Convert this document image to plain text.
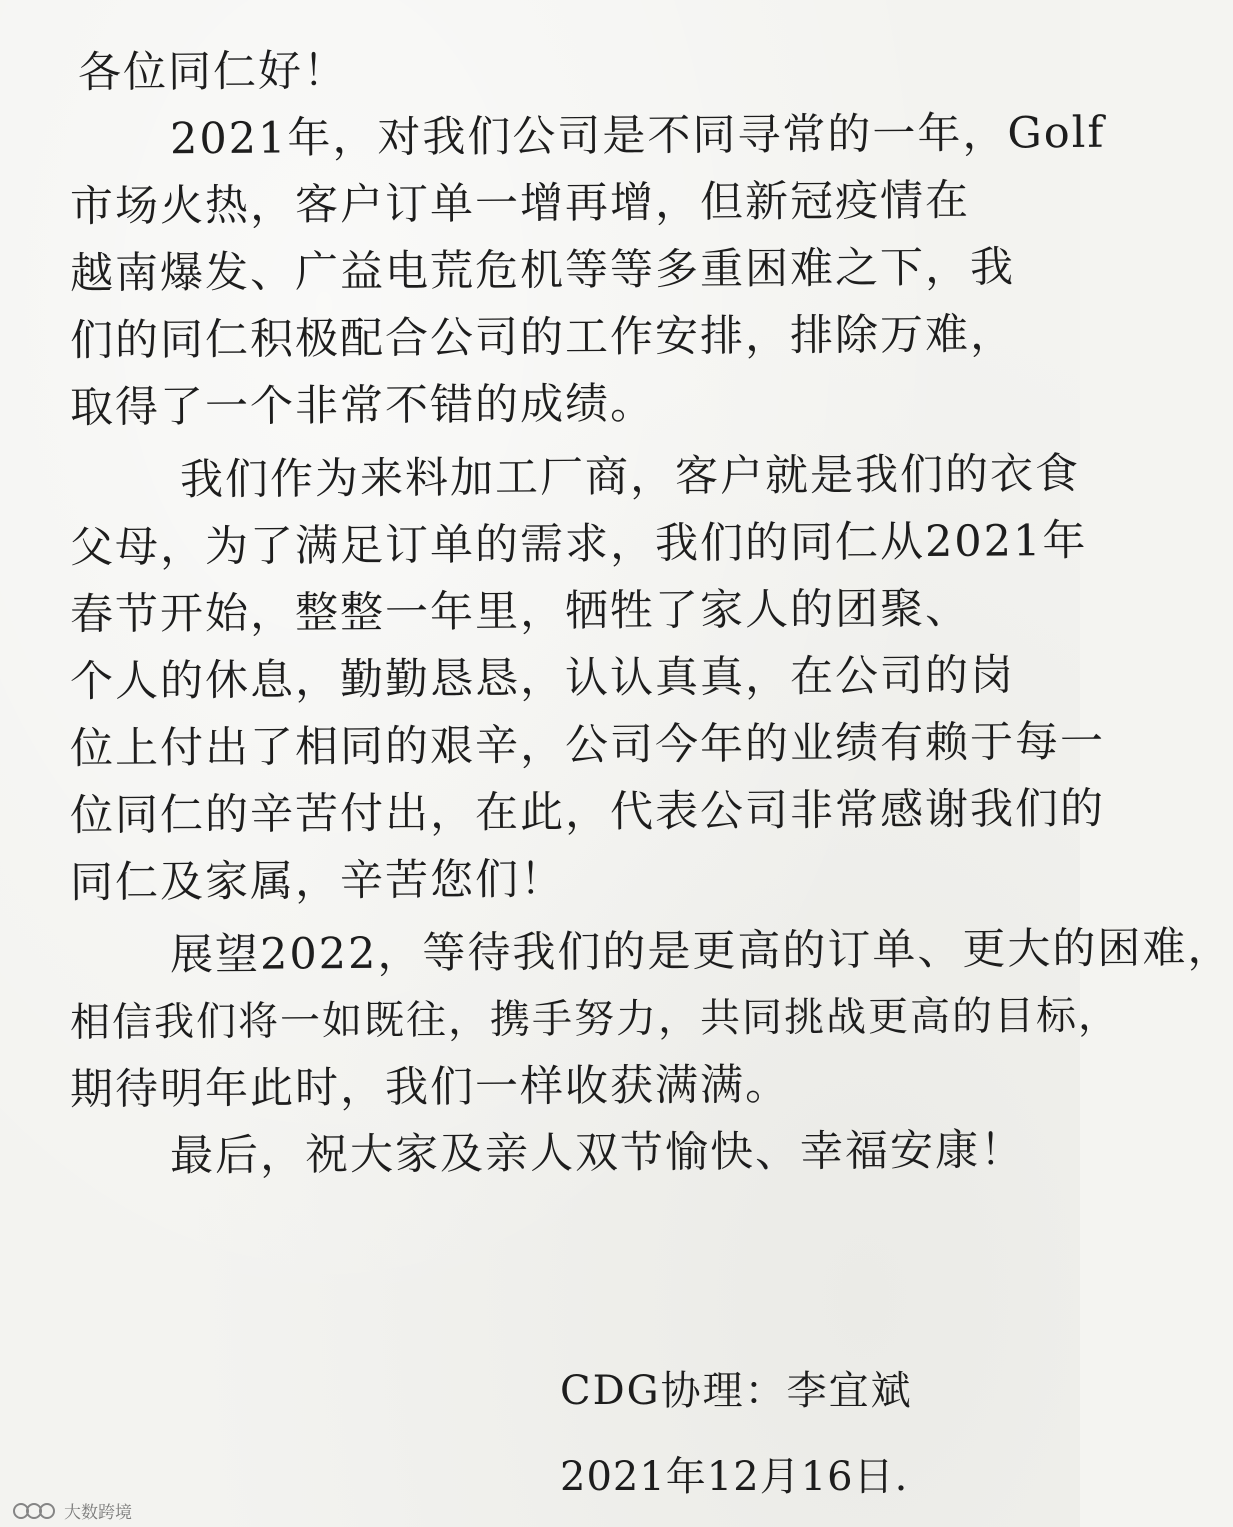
各位同仁好！
2021年，对我们公司是不同寻常的一年，Golf
市场火热，客户订单一增再增，但新冠疫情在
越南爆发、广益电荒危机等等多重困难之下，我
们的同仁积极配合公司的工作安排，排除万难，
取得了一个非常不错的成绩。
我们作为来料加工厂商，客户就是我们的衣食
父母，为了满足订单的需求，我们的同仁从2021年
春节开始，整整一年里，牺牲了家人的团聚、
个人的休息，勤勤恳恳，认认真真，在公司的岗
位上付出了相同的艰辛，公司今年的业绩有赖于每一
位同仁的辛苦付出，在此，代表公司非常感谢我们的
同仁及家属，辛苦您们！
展望2022，等待我们的是更高的订单、更大的困难，
相信我们将一如既往，携手努力，共同挑战更高的目标，
期待明年此时，我们一样收获满满。
最后，祝大家及亲人双节愉快、幸福安康！
CDG协理：李宜斌
2021年12月16日.
大数跨境
